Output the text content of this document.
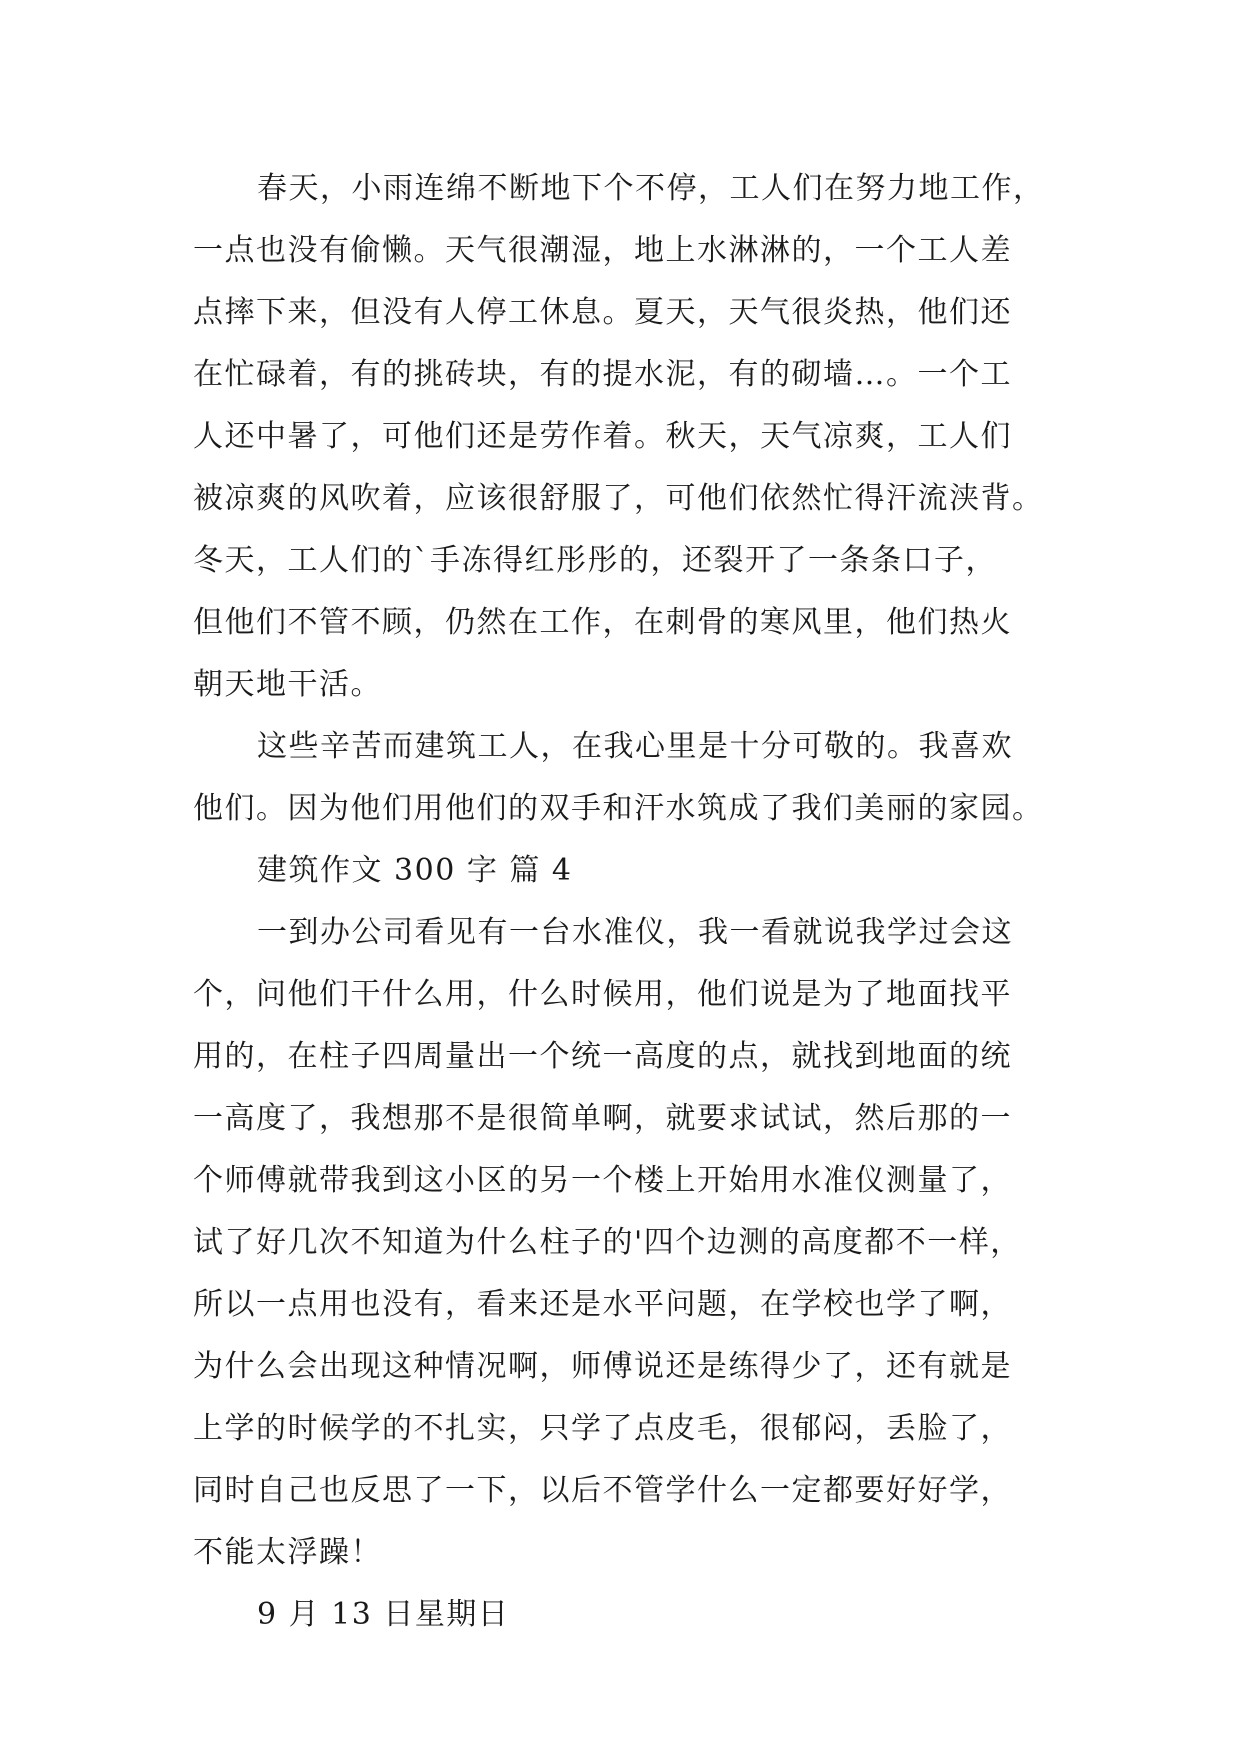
春天，小雨连绵不断地下个不停，工人们在努力地工作，
一点也没有偷懒。天气很潮湿，地上水淋淋的，一个工人差
点摔下来，但没有人停工休息。夏天，天气很炎热，他们还
在忙碌着，有的挑砖块，有的提水泥，有的砌墙…。一个工
人还中暑了，可他们还是劳作着。秋天，天气凉爽，工人们
被凉爽的风吹着，应该很舒服了，可他们依然忙得汗流浃背。
冬天，工人们的`手冻得红彤彤的，还裂开了一条条口子，
但他们不管不顾，仍然在工作，在刺骨的寒风里，他们热火
朝天地干活。
这些辛苦而建筑工人，在我心里是十分可敬的。我喜欢
他们。因为他们用他们的双手和汗水筑成了我们美丽的家园。
建筑作文 300 字 篇 4
一到办公司看见有一台水准仪，我一看就说我学过会这
个，问他们干什么用，什么时候用，他们说是为了地面找平
用的，在柱子四周量出一个统一高度的点，就找到地面的统
一高度了，我想那不是很简单啊，就要求试试，然后那的一
个师傅就带我到这小区的另一个楼上开始用水准仪测量了，
试了好几次不知道为什么柱子的'四个边测的高度都不一样，
所以一点用也没有，看来还是水平问题，在学校也学了啊，
为什么会出现这种情况啊，师傅说还是练得少了，还有就是
上学的时候学的不扎实，只学了点皮毛，很郁闷，丢脸了，
同时自己也反思了一下，以后不管学什么一定都要好好学，
不能太浮躁！
9 月 13 日星期日
